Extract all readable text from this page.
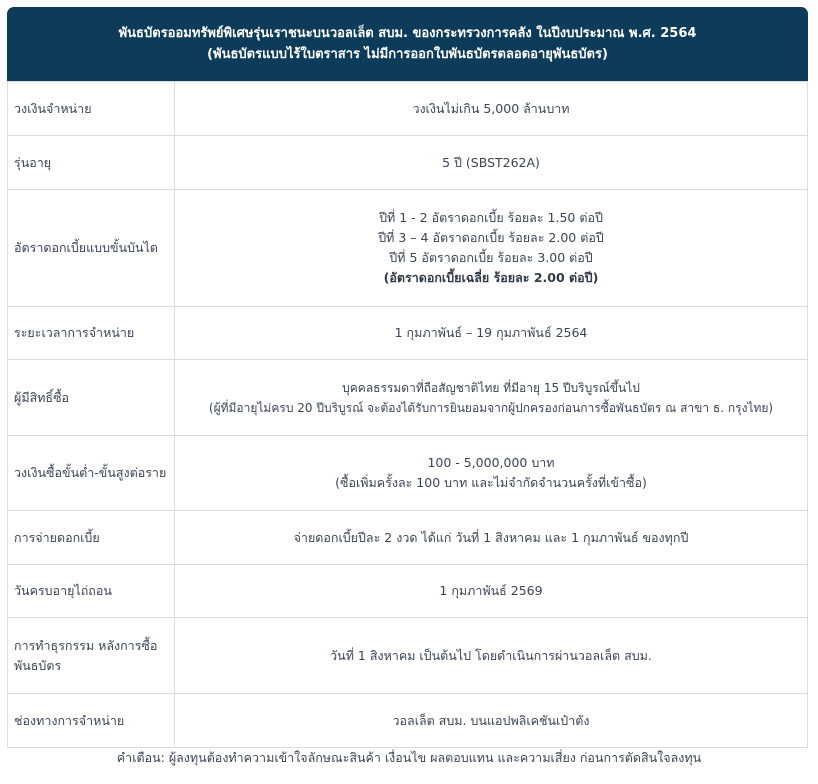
พันธบัตรออมทรัพย์พิเศษรุ่นเราชนะบนวอลเล็ต สบม. ของกระทรวงการคลัง ในปีงบประมาณ พ.ศ. 2564
(พันธบัตรแบบไร้ใบตราสาร ไม่มีการออกใบพันธบัตรตลอดอายุพันธบัตร)
วงเงินจำหน่าย	วงเงินไม่เกิน 5,000 ล้านบาท

รุ่นอายุ	5 ปี (SBST262A)

อัตราดอกเบี้ยแบบขั้นบันได	ปีที่ 1 - 2 อัตราดอกเบี้ย ร้อยละ 1.50 ต่อปี
ปีที่ 3 – 4 อัตราดอกเบี้ย ร้อยละ 2.00 ต่อปี
ปีที่ 5 อัตราดอกเบี้ย ร้อยละ 3.00 ต่อปี
(อัตราดอกเบี้ยเฉลี่ย ร้อยละ 2.00 ต่อปี)

ระยะเวลาการจำหน่าย	1 กุมภาพันธ์ – 19 กุมภาพันธ์ 2564

ผู้มีสิทธิ์ซื้อ	บุคคลธรรมดาที่ถือสัญชาติไทย ที่มีอายุ 15 ปีบริบูรณ์ขึ้นไป
(ผู้ที่มีอายุไม่ครบ 20 ปีบริบูรณ์ จะต้องได้รับการยินยอมจากผู้ปกครองก่อนการซื้อพันธบัตร ณ สาขา ธ. กรุงไทย)

วงเงินซื้อขั้นต่ำ-ขั้นสูงต่อราย	100 - 5,000,000 บาท
(ซื้อเพิ่มครั้งละ 100 บาท และไม่จำกัดจำนวนครั้งที่เข้าซื้อ)

การจ่ายดอกเบี้ย	จ่ายดอกเบี้ยปีละ 2 งวด ได้แก่ วันที่ 1 สิงหาคม และ 1 กุมภาพันธ์ ของทุกปี

วันครบอายุไถ่ถอน	1 กุมภาพันธ์ 2569

การทำธุรกรรม หลังการซื้อพันธบัตร	วันที่ 1 สิงหาคม เป็นต้นไป โดยดำเนินการผ่านวอลเล็ต สบม.

ช่องทางการจำหน่าย	วอลเล็ต สบม. บนแอปพลิเคชันเป๋าตัง
คำเตือน: ผู้ลงทุนต้องทำความเข้าใจลักษณะสินค้า เงื่อนไข ผลตอบแทน และความเสี่ยง ก่อนการตัดสินใจลงทุน
